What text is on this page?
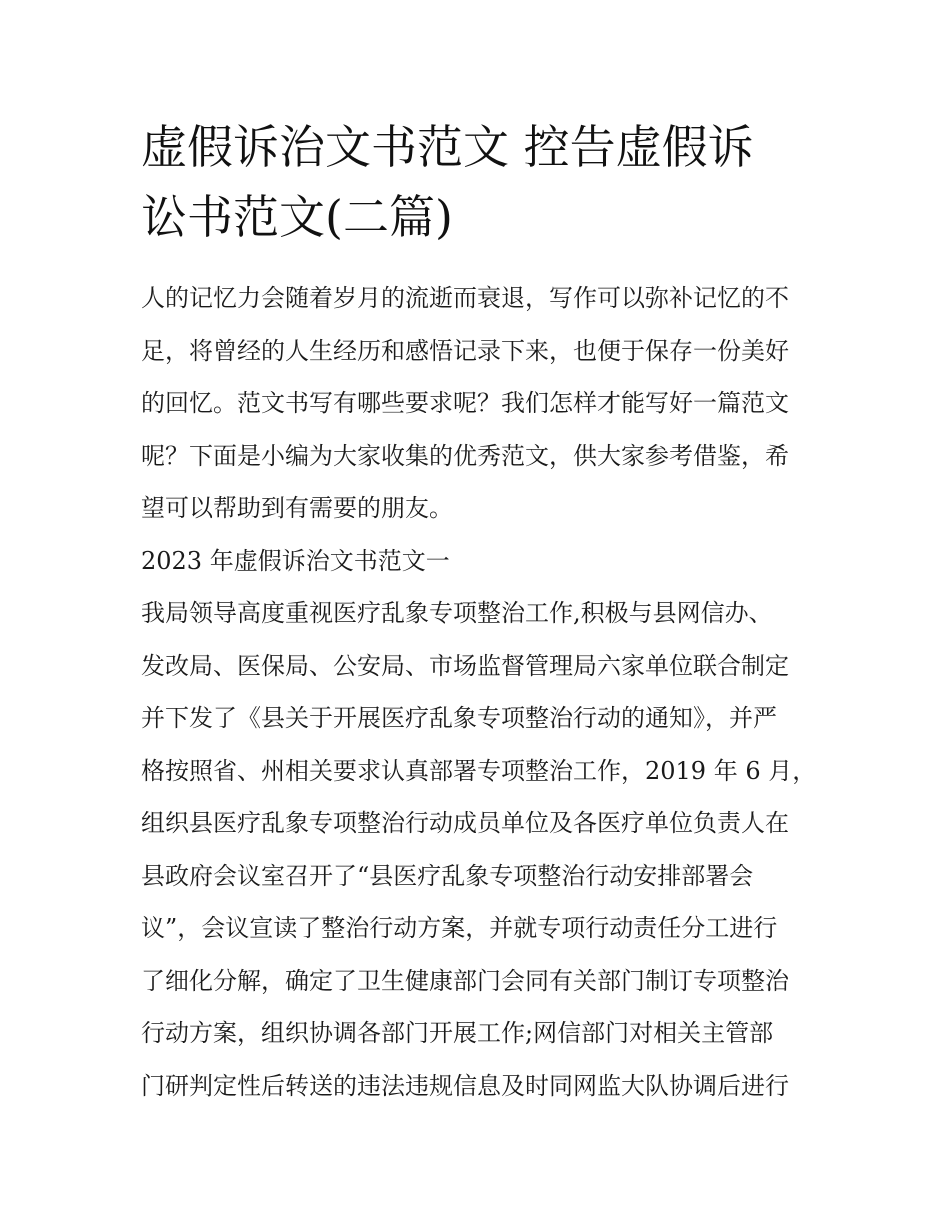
虚假诉治文书范文 控告虚假诉
讼书范文(二篇)
人的记忆力会随着岁月的流逝而衰退，写作可以弥补记忆的不
足，将曾经的人生经历和感悟记录下来，也便于保存一份美好
的回忆。范文书写有哪些要求呢？我们怎样才能写好一篇范文
呢？下面是小编为大家收集的优秀范文，供大家参考借鉴，希
望可以帮助到有需要的朋友。
2023 年虚假诉治文书范文一
我局领导高度重视医疗乱象专项整治工作,积极与县网信办、
发改局、医保局、公安局、市场监督管理局六家单位联合制定
并下发了《县关于开展医疗乱象专项整治行动的通知》，并严
格按照省、州相关要求认真部署专项整治工作，2019 年 6 月，
组织县医疗乱象专项整治行动成员单位及各医疗单位负责人在
县政府会议室召开了“县医疗乱象专项整治行动安排部署会
议”，会议宣读了整治行动方案，并就专项行动责任分工进行
了细化分解，确定了卫生健康部门会同有关部门制订专项整治
行动方案，组织协调各部门开展工作;网信部门对相关主管部
门研判定性后转送的违法违规信息及时同网监大队协调后进行
